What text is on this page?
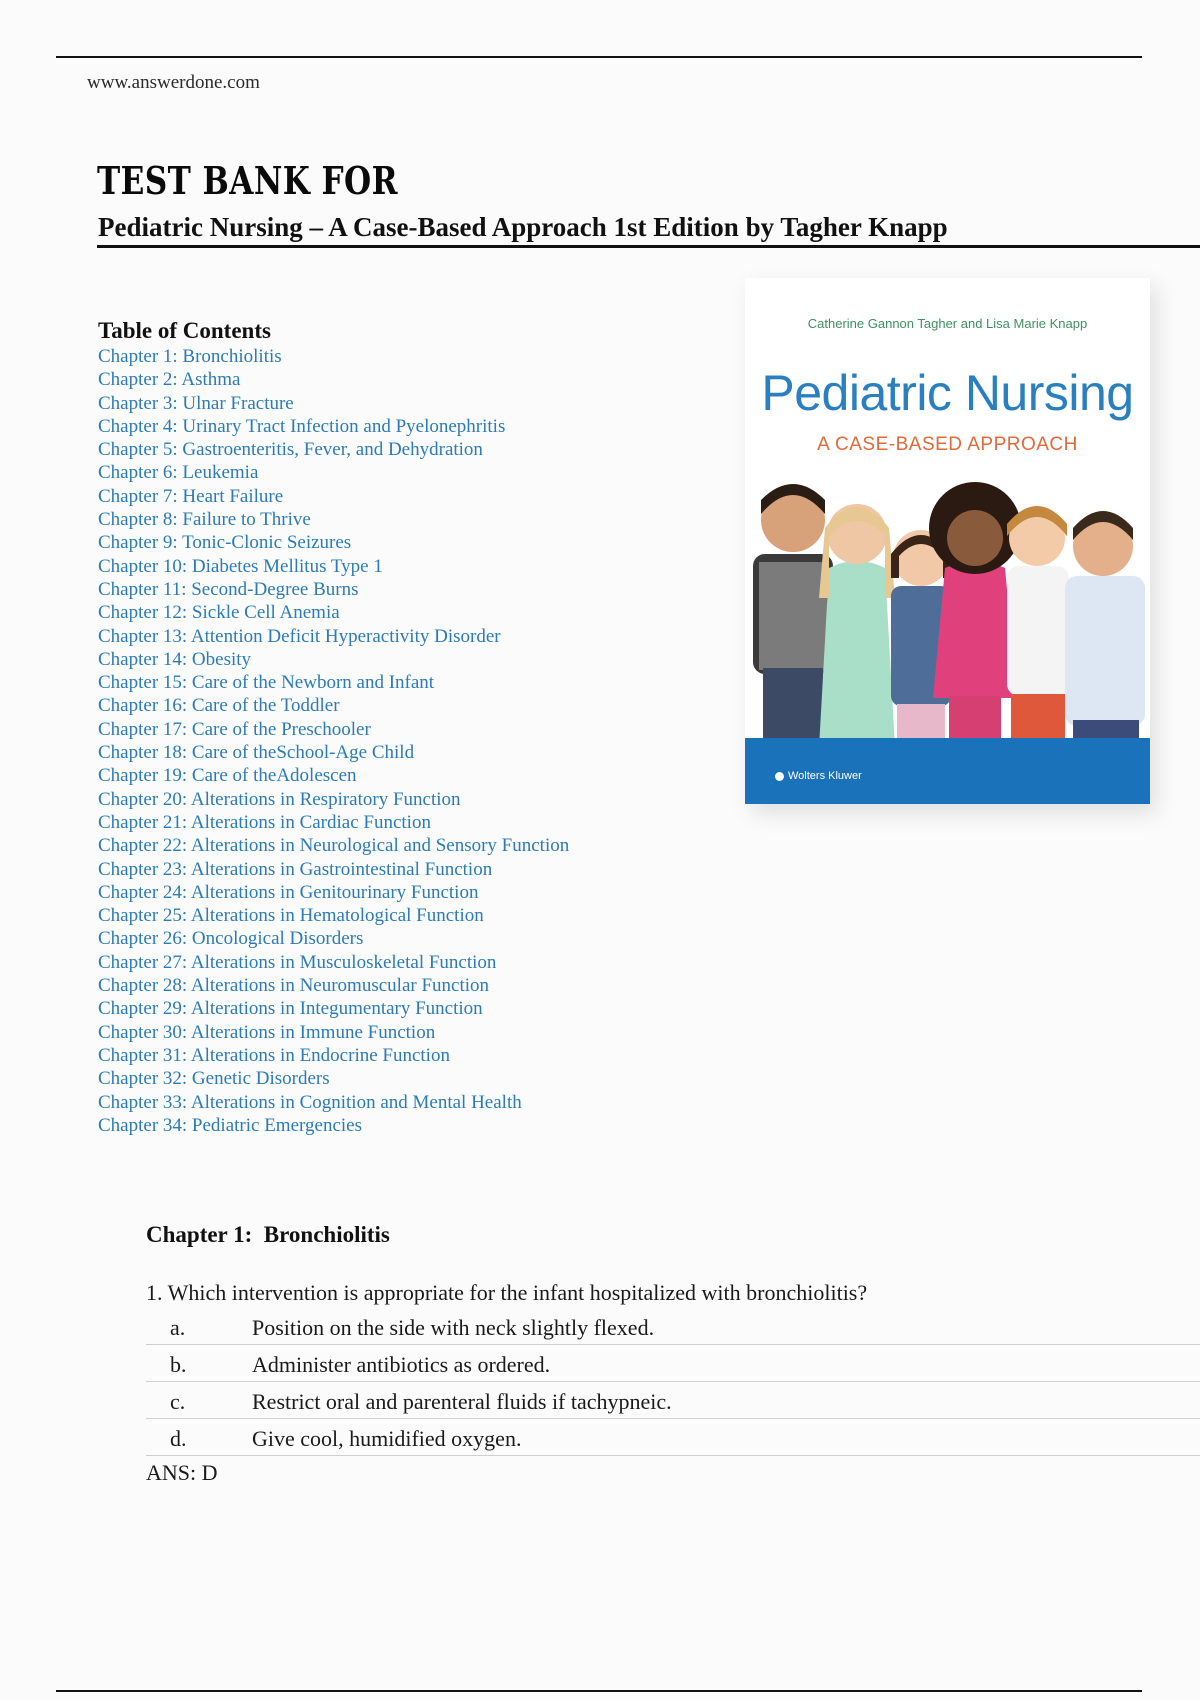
www.answerdone.com
TEST BANK FOR
Pediatric Nursing – A Case-Based Approach 1st Edition by Tagher Knapp
Table of Contents
Chapter 1: Bronchiolitis
Chapter 2: Asthma
Chapter 3: Ulnar Fracture
Chapter 4: Urinary Tract Infection and Pyelonephritis
Chapter 5: Gastroenteritis, Fever, and Dehydration
Chapter 6: Leukemia
Chapter 7: Heart Failure
Chapter 8: Failure to Thrive
Chapter 9: Tonic-Clonic Seizures
Chapter 10: Diabetes Mellitus Type 1
Chapter 11: Second-Degree Burns
Chapter 12: Sickle Cell Anemia
Chapter 13: Attention Deficit Hyperactivity Disorder
Chapter 14: Obesity
Chapter 15: Care of the Newborn and Infant
Chapter 16: Care of the Toddler
Chapter 17: Care of the Preschooler
Chapter 18: Care of theSchool-Age Child
Chapter 19: Care of theAdolescen
Chapter 20: Alterations in Respiratory Function
Chapter 21: Alterations in Cardiac Function
Chapter 22: Alterations in Neurological and Sensory Function
Chapter 23: Alterations in Gastrointestinal Function
Chapter 24: Alterations in Genitourinary Function
Chapter 25: Alterations in Hematological Function
Chapter 26: Oncological Disorders
Chapter 27: Alterations in Musculoskeletal Function
Chapter 28: Alterations in Neuromuscular Function
Chapter 29: Alterations in Integumentary Function
Chapter 30: Alterations in Immune Function
Chapter 31: Alterations in Endocrine Function
Chapter 32: Genetic Disorders
Chapter 33: Alterations in Cognition and Mental Health
Chapter 34: Pediatric Emergencies
Catherine Gannon Tagher and Lisa Marie Knapp
Pediatric Nursing
A CASE-BASED APPROACH
Wolters Kluwer
Chapter 1:  Bronchiolitis
1. Which intervention is appropriate for the infant hospitalized with bronchiolitis?
a.	Position on the side with neck slightly flexed.
b.	Administer antibiotics as ordered.
c.	Restrict oral and parenteral fluids if tachypneic.
d.	Give cool, humidified oxygen.
ANS: D
